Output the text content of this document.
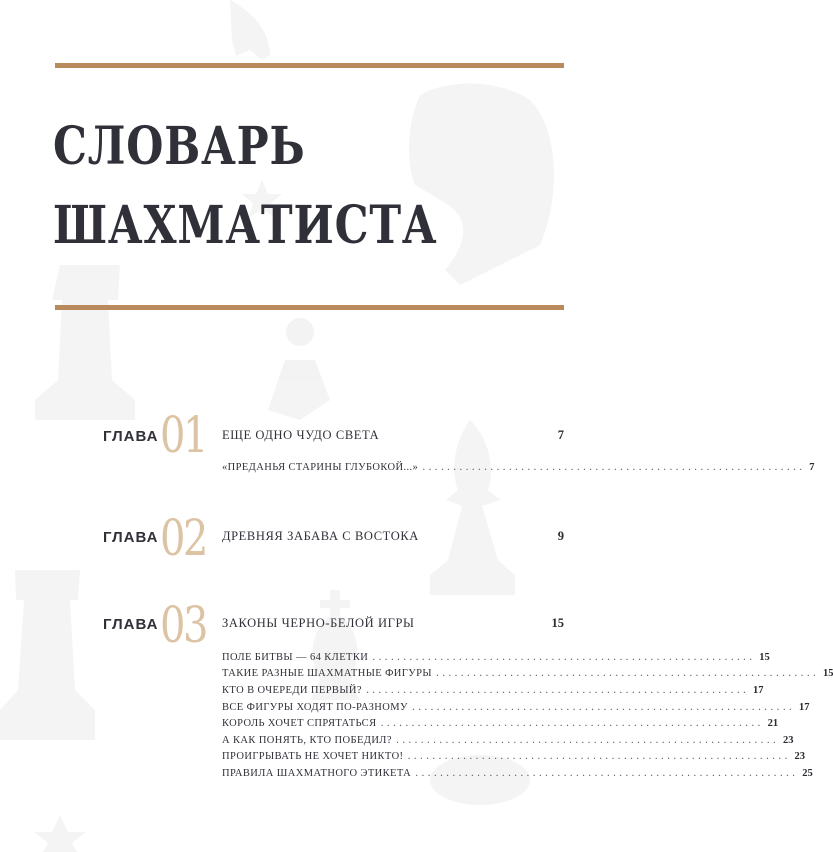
СЛОВАРЬ
ШАХМАТИСТА
ГЛАВА 01 ЕЩЕ ОДНО ЧУДО СВЕТА	7
«ПРЕДАНЬЯ СТАРИНЫ ГЛУБОКОЙ...» .............................................................. 7
ГЛАВА 02 ДРЕВНЯЯ ЗАБАВА С ВОСТОКА	9
ГЛАВА 03 ЗАКОНЫ ЧЕРНО-БЕЛОЙ ИГРЫ	15
ПОЛЕ БИТВЫ — 64 КЛЕТКИ .............................................................. 15
ТАКИЕ РАЗНЫЕ ШАХМАТНЫЕ ФИГУРЫ .............................................................. 15
КТО В ОЧЕРЕДИ ПЕРВЫЙ? .............................................................. 17
ВСЕ ФИГУРЫ ХОДЯТ ПО-РАЗНОМУ .............................................................. 17
КОРОЛЬ ХОЧЕТ СПРЯТАТЬСЯ .............................................................. 21
А КАК ПОНЯТЬ, КТО ПОБЕДИЛ? .............................................................. 23
ПРОИГРЫВАТЬ НЕ ХОЧЕТ НИКТО! .............................................................. 23
ПРАВИЛА ШАХМАТНОГО ЭТИКЕТА .............................................................. 25
